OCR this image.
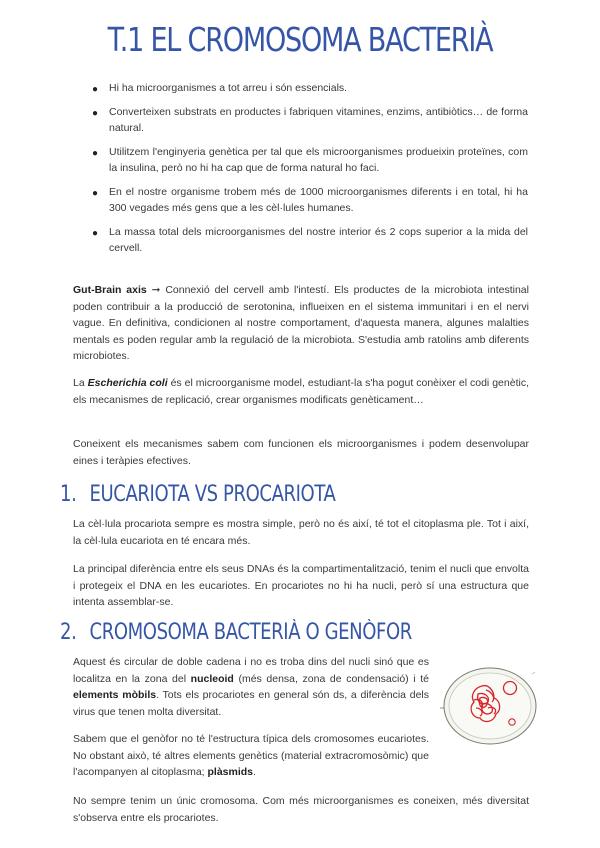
T.1 EL CROMOSOMA BACTERIÀ
● Hi ha microorganismes a tot arreu i són essencials.
● Converteixen substrats en productes i fabriquen vitamines, enzims, antibiòtics… de forma natural.
● Utilitzem l'enginyeria genètica per tal que els microorganismes produeixin proteïnes, com la insulina, però no hi ha cap que de forma natural ho faci.
● En el nostre organisme trobem més de 1000 microorganismes diferents i en total, hi ha 300 vegades més gens que a les cèl·lules humanes.
● La massa total dels microorganismes del nostre interior és 2 cops superior a la mida del cervell.

Gut-Brain axis ➞ Connexió del cervell amb l'intestí. Els productes de la microbiota intestinal poden contribuir a la producció de serotonina, influeixen en el sistema immunitari i en el nervi vague. En definitiva, condicionen al nostre comportament, d'aquesta manera, algunes malalties mentals es poden regular amb la regulació de la microbiota. S'estudia amb ratolins amb diferents microbiotes.

La Escherichia coli és el microorganisme model, estudiant-la s'ha pogut conèixer el codi genètic, els mecanismes de replicació, crear organismes modificats genèticament…

Coneixent els mecanismes sabem com funcionen els microorganismes i podem desenvolupar eines i teràpies efectives.

1. EUCARIOTA VS PROCARIOTA

La cèl·lula procariota sempre es mostra simple, però no és així, té tot el citoplasma ple. Tot i així, la cèl·lula eucariota en té encara més.

La principal diferència entre els seus DNAs és la compartimentalització, tenim el nucli que envolta i protegeix el DNA en les eucariotes. En procariotes no hi ha nucli, però sí una estructura que intenta assemblar-se.

2. CROMOSOMA BACTERIÀ O GENÒFOR

Aquest és circular de doble cadena i no es troba dins del nucli sinó que es localitza en la zona del nucleoid (més densa, zona de condensació) i té elements mòbils. Tots els procariotes en general són ds, a diferència dels virus que tenen molta diversitat.

Sabem que el genòfor no té l'estructura típica dels cromosomes eucariotes. No obstant això, té altres elements genètics (material extracromosòmic) que l'acompanyen al citoplasma; plàsmids.

No sempre tenim un únic cromosoma. Com més microorganismes es coneixen, més diversitat s'observa entre els procariotes.
